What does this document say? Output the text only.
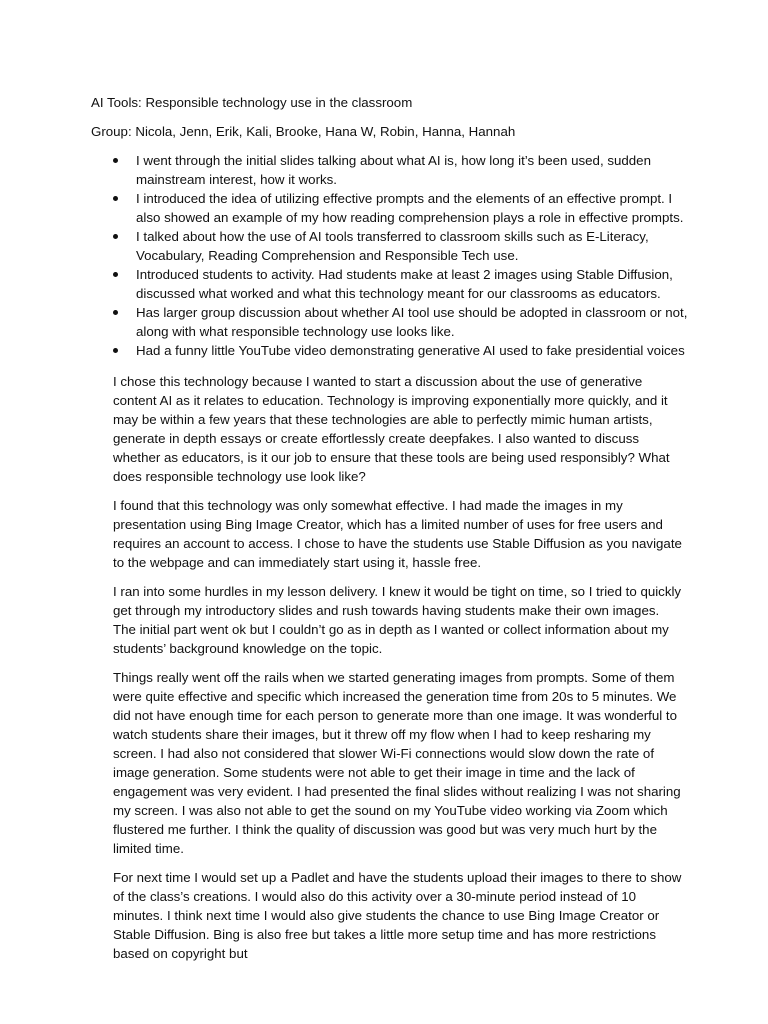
AI Tools: Responsible technology use in the classroom

Group: Nicola, Jenn, Erik, Kali, Brooke, Hana W, Robin, Hanna, Hannah

I went through the initial slides talking about what AI is, how long it’s been used, sudden mainstream interest, how it works.
I introduced the idea of utilizing effective prompts and the elements of an effective prompt. I also showed an example of my how reading comprehension plays a role in effective prompts.
I talked about how the use of AI tools transferred to classroom skills such as E-Literacy, Vocabulary, Reading Comprehension and Responsible Tech use.
Introduced students to activity. Had students make at least 2 images using Stable Diffusion, discussed what worked and what this technology meant for our classrooms as educators.
Has larger group discussion about whether AI tool use should be adopted in classroom or not, along with what responsible technology use looks like.
Had a funny little YouTube video demonstrating generative AI used to fake presidential voices

I chose this technology because I wanted to start a discussion about the use of generative content AI as it relates to education. Technology is improving exponentially more quickly, and it may be within a few years that these technologies are able to perfectly mimic human artists, generate in depth essays or create effortlessly create deepfakes. I also wanted to discuss whether as educators, is it our job to ensure that these tools are being used responsibly? What does responsible technology use look like?

I found that this technology was only somewhat effective. I had made the images in my presentation using Bing Image Creator, which has a limited number of uses for free users and requires an account to access. I chose to have the students use Stable Diffusion as you navigate to the webpage and can immediately start using it, hassle free.

I ran into some hurdles in my lesson delivery. I knew it would be tight on time, so I tried to quickly get through my introductory slides and rush towards having students make their own images. The initial part went ok but I couldn’t go as in depth as I wanted or collect information about my students’ background knowledge on the topic.

Things really went off the rails when we started generating images from prompts. Some of them were quite effective and specific which increased the generation time from 20s to 5 minutes. We did not have enough time for each person to generate more than one image. It was wonderful to watch students share their images, but it threw off my flow when I had to keep resharing my screen. I had also not considered that slower Wi-Fi connections would slow down the rate of image generation. Some students were not able to get their image in time and the lack of engagement was very evident. I had presented the final slides without realizing I was not sharing my screen. I was also not able to get the sound on my YouTube video working via Zoom which flustered me further. I think the quality of discussion was good but was very much hurt by the limited time.

For next time I would set up a Padlet and have the students upload their images to there to show of the class’s creations. I would also do this activity over a 30-minute period instead of 10 minutes. I think next time I would also give students the chance to use Bing Image Creator or Stable Diffusion. Bing is also free but takes a little more setup time and has more restrictions based on copyright but
